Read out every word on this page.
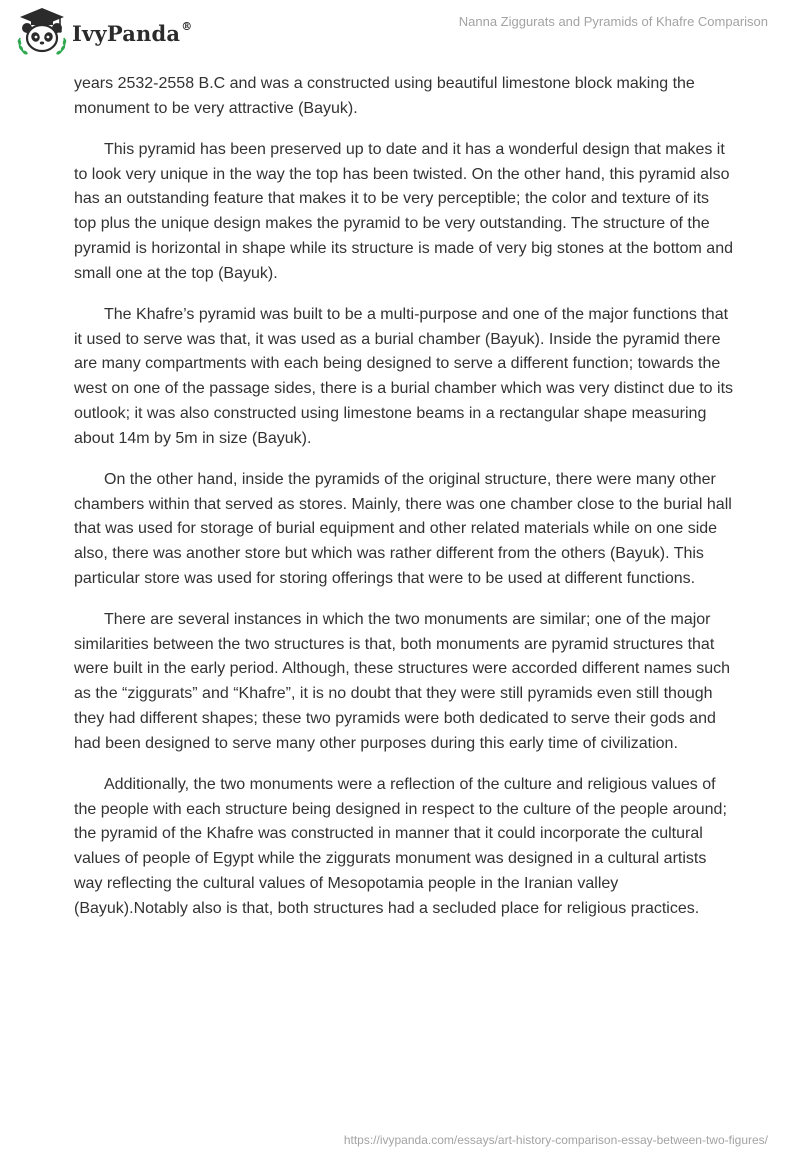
IvyPanda®	Nanna Ziggurats and Pyramids of Khafre Comparison

years 2532-2558 B.C and was a constructed using beautiful limestone block making the monument to be very attractive (Bayuk).

This pyramid has been preserved up to date and it has a wonderful design that makes it to look very unique in the way the top has been twisted. On the other hand, this pyramid also has an outstanding feature that makes it to be very perceptible; the color and texture of its top plus the unique design makes the pyramid to be very outstanding. The structure of the pyramid is horizontal in shape while its structure is made of very big stones at the bottom and small one at the top (Bayuk).

The Khafre’s pyramid was built to be a multi-purpose and one of the major functions that it used to serve was that, it was used as a burial chamber (Bayuk). Inside the pyramid there are many compartments with each being designed to serve a different function; towards the west on one of the passage sides, there is a burial chamber which was very distinct due to its outlook; it was also constructed using limestone beams in a rectangular shape measuring about 14m by 5m in size (Bayuk).

On the other hand, inside the pyramids of the original structure, there were many other chambers within that served as stores. Mainly, there was one chamber close to the burial hall that was used for storage of burial equipment and other related materials while on one side also, there was another store but which was rather different from the others (Bayuk). This particular store was used for storing offerings that were to be used at different functions.

There are several instances in which the two monuments are similar; one of the major similarities between the two structures is that, both monuments are pyramid structures that were built in the early period. Although, these structures were accorded different names such as the “ziggurats” and “Khafre”, it is no doubt that they were still pyramids even still though they had different shapes; these two pyramids were both dedicated to serve their gods and had been designed to serve many other purposes during this early time of civilization.

Additionally, the two monuments were a reflection of the culture and religious values of the people with each structure being designed in respect to the culture of the people around; the pyramid of the Khafre was constructed in manner that it could incorporate the cultural values of people of Egypt while the ziggurats monument was designed in a cultural artists way reflecting the cultural values of Mesopotamia people in the Iranian valley (Bayuk).Notably also is that, both structures had a secluded place for religious practices.

https://ivypanda.com/essays/art-history-comparison-essay-between-two-figures/
